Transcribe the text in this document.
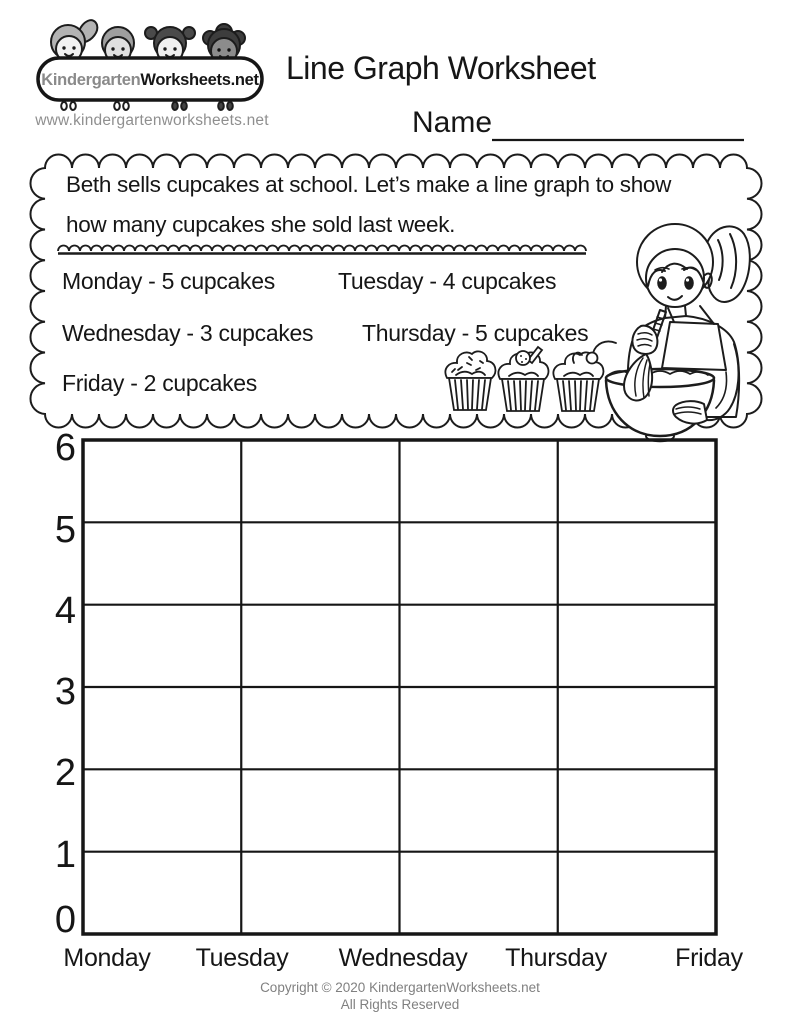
Kindergarten Worksheets.net
www.kindergartenworksheets.net
Line Graph Worksheet
Name
Beth sells cupcakes at school. Let’s make a line graph to show
how many cupcakes she sold last week.
Monday - 5 cupcakes	Tuesday - 4 cupcakes
Wednesday - 3 cupcakes Thursday - 5 cupcakes
Friday - 2 cupcakes
6
5
4
3
2
1
0
Monday	Tuesday	Wednesday	Thursday	Friday
Copyright © 2020 KindergartenWorksheets.net
All Rights Reserved
